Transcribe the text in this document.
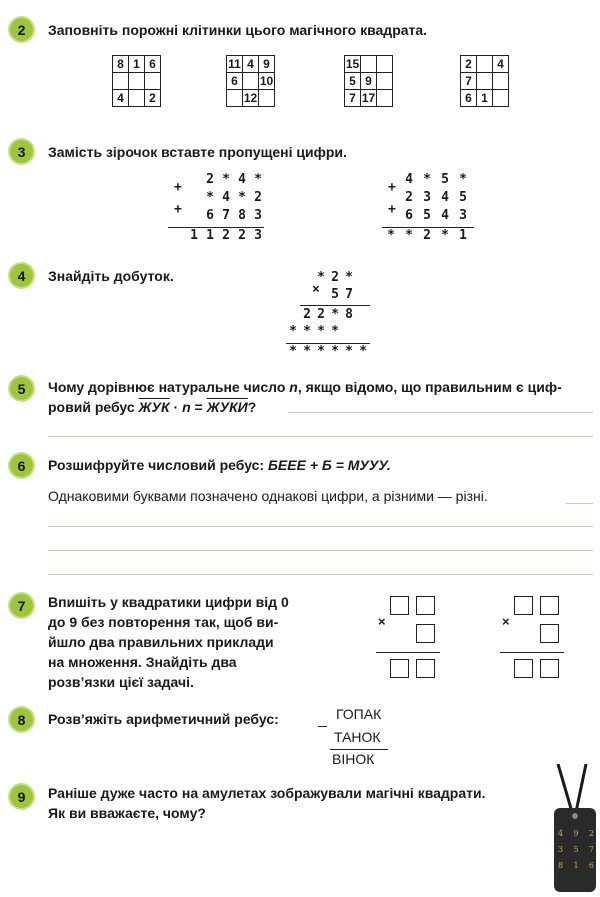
2 Заповніть порожні клітинки цього магічного квадрата.
8	1	6

4		2
11	4	9
6		10
	12	
15		
5	9	
7	17	
2		4
7		
6	1	
3 Замість зірочок вставте пропущені цифри.
+
+
2 * 4 *
* 4 * 2
6 7 8 3
1 1 2 2 3
+
+
4 * 5 *
2 3 4 5
6 5 4 3
* * 2 * 1
4 Знайдіть добуток.
×
* 2 *
5 7
2 2 * 8
* * * *
* * * * * *
5 Чому дорівнює натуральне число n, якщо відомо, що правильним є циф-
ровий ребус ЖУК · n = ЖУКИ?
6 Розшифруйте числовий ребус: БЕЕЕ + Б = МУУУ.
Однаковими буквами позначено однакові цифри, а різними — різні.
7 Впишіть у квадратики цифри від 0
до 9 без повторення так, щоб ви-
йшло два правильних приклади
на множення. Знайдіть два
розв’язки цієї задачі.
×	×
8 Розв’яжіть арифметичний ребус:	ГОПАК
ТАНОК
ВІНОК
9 Раніше дуже часто на амулетах зображували магічні квадрати.
Як ви вважаєте, чому?
4 9 2
3 5 7
8 1 6
